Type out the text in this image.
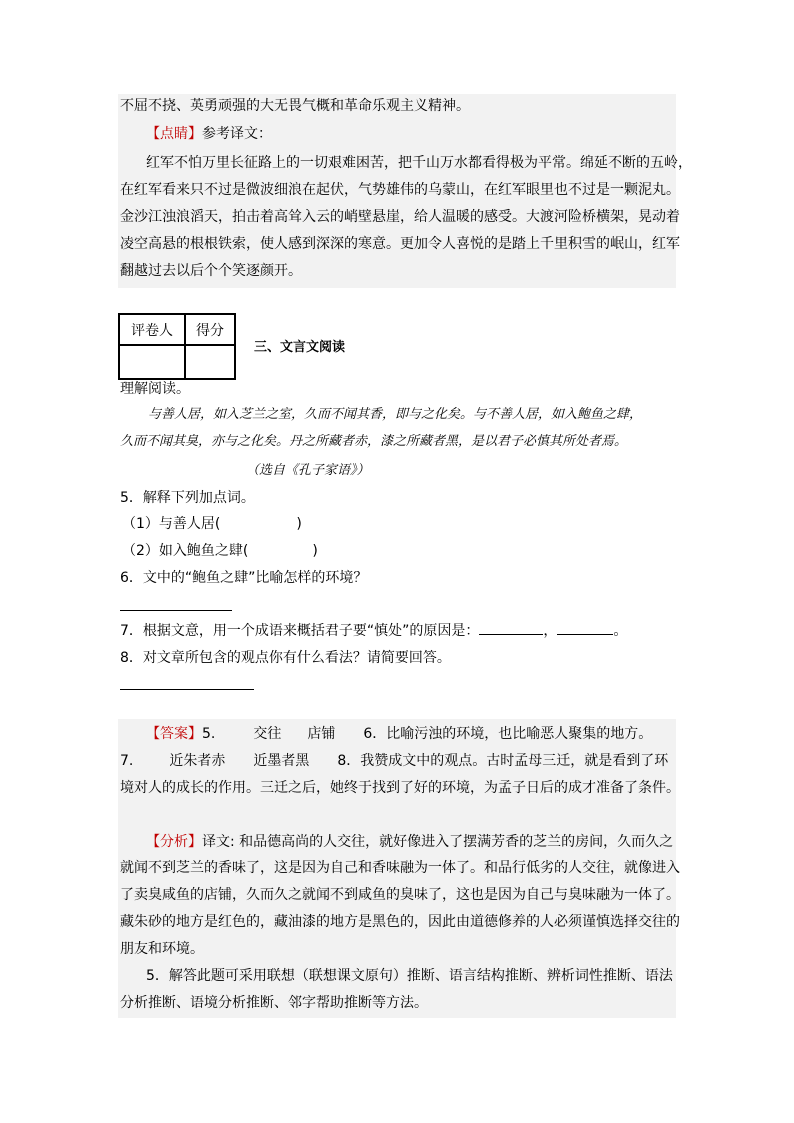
不屈不挠、英勇顽强的大无畏气概和革命乐观主义精神。
【点睛】参考译文：
红军不怕万里长征路上的一切艰难困苦，把千山万水都看得极为平常。绵延不断的五岭，
在红军看来只不过是微波细浪在起伏，气势雄伟的乌蒙山，在红军眼里也不过是一颗泥丸。
金沙江浊浪滔天，拍击着高耸入云的峭壁悬崖，给人温暖的感受。大渡河险桥横架，晃动着
凌空高悬的根根铁索，使人感到深深的寒意。更加令人喜悦的是踏上千里积雪的岷山，红军
翻越过去以后个个笑逐颜开。
评卷人	得分

三、文言文阅读
理解阅读。
与善人居，如入芝兰之室，久而不闻其香，即与之化矣。与不善人居，如入鲍鱼之肆，
久而不闻其臭，亦与之化矣。丹之所藏者赤，漆之所藏者黑，是以君子必慎其所处者焉。
（选自《孔子家语》）
5．解释下列加点词。
（1）与善人居(	)
（2）如入鲍鱼之肆(	)
6．文中的“鲍鱼之肆”比喻怎样的环境？
7．根据文意，用一个成语来概括君子要“慎处”的原因是：	，	。
8．对文章所包含的观点你有什么看法？请简要回答。
【答案】5.	交往 店铺 6．比喻污浊的环境，也比喻恶人聚集的地方。
7.	近朱者赤 近墨者黑 8．我赞成文中的观点。古时孟母三迁，就是看到了环
境对人的成长的作用。三迁之后，她终于找到了好的环境，为孟子日后的成才准备了条件。
【分析】译文: 和品德高尚的人交往，就好像进入了摆满芳香的芝兰的房间，久而久之
就闻不到芝兰的香味了，这是因为自己和香味融为一体了。和品行低劣的人交往，就像进入
了卖臭咸鱼的店铺，久而久之就闻不到咸鱼的臭味了，这也是因为自己与臭味融为一体了。
藏朱砂的地方是红色的，藏油漆的地方是黑色的，因此由道德修养的人必须谨慎选择交往的
朋友和环境。
5．解答此题可采用联想（联想课文原句）推断、语言结构推断、辨析词性推断、语法
分析推断、语境分析推断、邻字帮助推断等方法。
